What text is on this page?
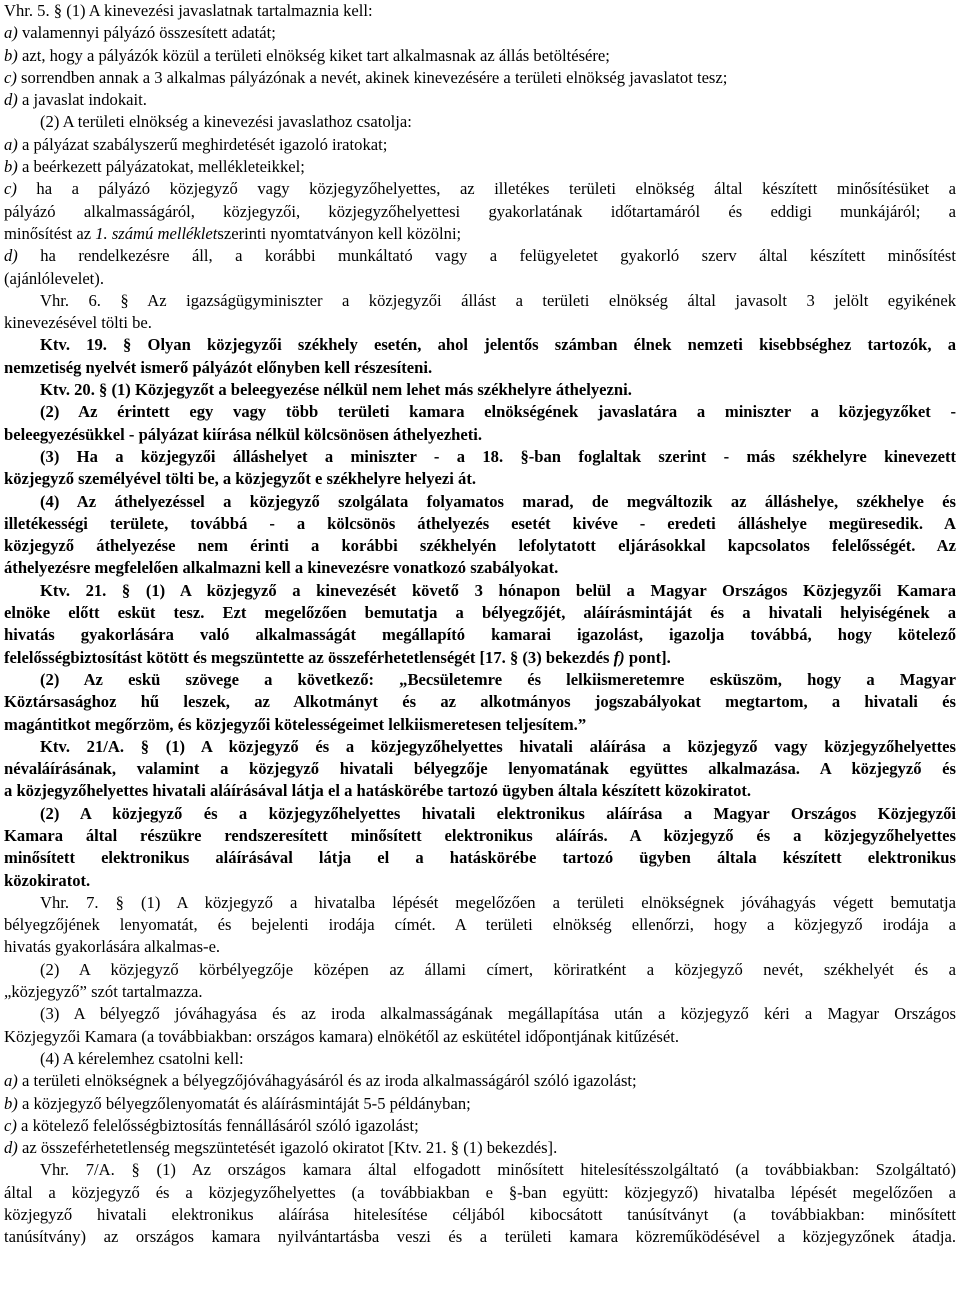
Vhr. 5. § (1) A kinevezési javaslatnak tartalmaznia kell:

a) valamennyi pályázó összesített adatát;

b) azt, hogy a pályázók közül a területi elnökség kiket tart alkalmasnak az állás betöltésére;

c) sorrendben annak a 3 alkalmas pályázónak a nevét, akinek kinevezésére a területi elnökség javaslatot tesz;

d) a javaslat indokait.

(2) A területi elnökség a kinevezési javaslathoz csatolja:

a) a pályázat szabályszerű meghirdetését igazoló iratokat;

b) a beérkezett pályázatokat, mellékleteikkel;

c) ha a pályázó közjegyző vagy közjegyzőhelyettes, az illetékes területi elnökség által készített minősítésüket a

pályázó alkalmasságáról, közjegyzői, közjegyzőhelyettesi gyakorlatának időtartamáról és eddigi munkájáról; a

minősítést az 1. számú mellékletszerinti nyomtatványon kell közölni;

d) ha rendelkezésre áll, a korábbi munkáltató vagy a felügyeletet gyakorló szerv által készített minősítést

(ajánlólevelet).

Vhr. 6. § Az igazságügyminiszter a közjegyzői állást a területi elnökség által javasolt 3 jelölt egyikének

kinevezésével tölti be.

Ktv. 19. § Olyan közjegyzői székhely esetén, ahol jelentős számban élnek nemzeti kisebbséghez tartozók, a

nemzetiség nyelvét ismerő pályázót előnyben kell részesíteni.

Ktv. 20. § (1) Közjegyzőt a beleegyezése nélkül nem lehet más székhelyre áthelyezni.

(2) Az érintett egy vagy több területi kamara elnökségének javaslatára a miniszter a közjegyzőket -

beleegyezésükkel - pályázat kiírása nélkül kölcsönösen áthelyezheti.

(3) Ha a közjegyzői álláshelyet a miniszter - a 18. §-ban foglaltak szerint - más székhelyre kinevezett

közjegyző személyével tölti be, a közjegyzőt e székhelyre helyezi át.

(4) Az áthelyezéssel a közjegyző szolgálata folyamatos marad, de megváltozik az álláshelye, székhelye és

illetékességi területe, továbbá - a kölcsönös áthelyezés esetét kivéve - eredeti álláshelye megüresedik. A

közjegyző áthelyezése nem érinti a korábbi székhelyén lefolytatott eljárásokkal kapcsolatos felelősségét. Az

áthelyezésre megfelelően alkalmazni kell a kinevezésre vonatkozó szabályokat.

Ktv. 21. § (1) A közjegyző a kinevezését követő 3 hónapon belül a Magyar Országos Közjegyzői Kamara

elnöke előtt esküt tesz. Ezt megelőzően bemutatja a bélyegzőjét, aláírásmintáját és a hivatali helyiségének a

hivatás gyakorlására való alkalmasságát megállapító kamarai igazolást, igazolja továbbá, hogy kötelező

felelősségbiztosítást kötött és megszüntette az összeférhetetlenségét [17. § (3) bekezdés f) pont].

(2) Az eskü szövege a következő: „Becsületemre és lelkiismeretemre esküszöm, hogy a Magyar

Köztársasághoz hű leszek, az Alkotmányt és az alkotmányos jogszabályokat megtartom, a hivatali és

magántitkot megőrzöm, és közjegyzői kötelességeimet lelkiismeretesen teljesítem.”

Ktv. 21/A. § (1) A közjegyző és a közjegyzőhelyettes hivatali aláírása a közjegyző vagy közjegyzőhelyettes

névaláírásának, valamint a közjegyző hivatali bélyegzője lenyomatának együttes alkalmazása. A közjegyző és

a közjegyzőhelyettes hivatali aláírásával látja el a hatáskörébe tartozó ügyben általa készített közokiratot.

(2) A közjegyző és a közjegyzőhelyettes hivatali elektronikus aláírása a Magyar Országos Közjegyzői

Kamara által részükre rendszeresített minősített elektronikus aláírás. A közjegyző és a közjegyzőhelyettes

minősített elektronikus aláírásával látja el a hatáskörébe tartozó ügyben általa készített elektronikus

közokiratot.

Vhr. 7. § (1) A közjegyző a hivatalba lépését megelőzően a területi elnökségnek jóváhagyás végett bemutatja

bélyegzőjének lenyomatát, és bejelenti irodája címét. A területi elnökség ellenőrzi, hogy a közjegyző irodája a

hivatás gyakorlására alkalmas-e.

(2) A közjegyző körbélyegzője középen az állami címert, köriratként a közjegyző nevét, székhelyét és a

„közjegyző” szót tartalmazza.

(3) A bélyegző jóváhagyása és az iroda alkalmasságának megállapítása után a közjegyző kéri a Magyar Országos

Közjegyzői Kamara (a továbbiakban: országos kamara) elnökétől az eskütétel időpontjának kitűzését.

(4) A kérelemhez csatolni kell:

a) a területi elnökségnek a bélyegzőjóváhagyásáról és az iroda alkalmasságáról szóló igazolást;

b) a közjegyző bélyegzőlenyomatát és aláírásmintáját 5-5 példányban;

c) a kötelező felelősségbiztosítás fennállásáról szóló igazolást;

d) az összeférhetetlenség megszüntetését igazoló okiratot [Ktv. 21. § (1) bekezdés].

Vhr. 7/A. § (1) Az országos kamara által elfogadott minősített hitelesítésszolgáltató (a továbbiakban: Szolgáltató)

által a közjegyző és a közjegyzőhelyettes (a továbbiakban e §-ban együtt: közjegyző) hivatalba lépését megelőzően a

közjegyző hivatali elektronikus aláírása hitelesítése céljából kibocsátott tanúsítványt (a továbbiakban: minősített

tanúsítvány) az országos kamara nyilvántartásba veszi és a területi kamara közreműködésével a közjegyzőnek átadja.
